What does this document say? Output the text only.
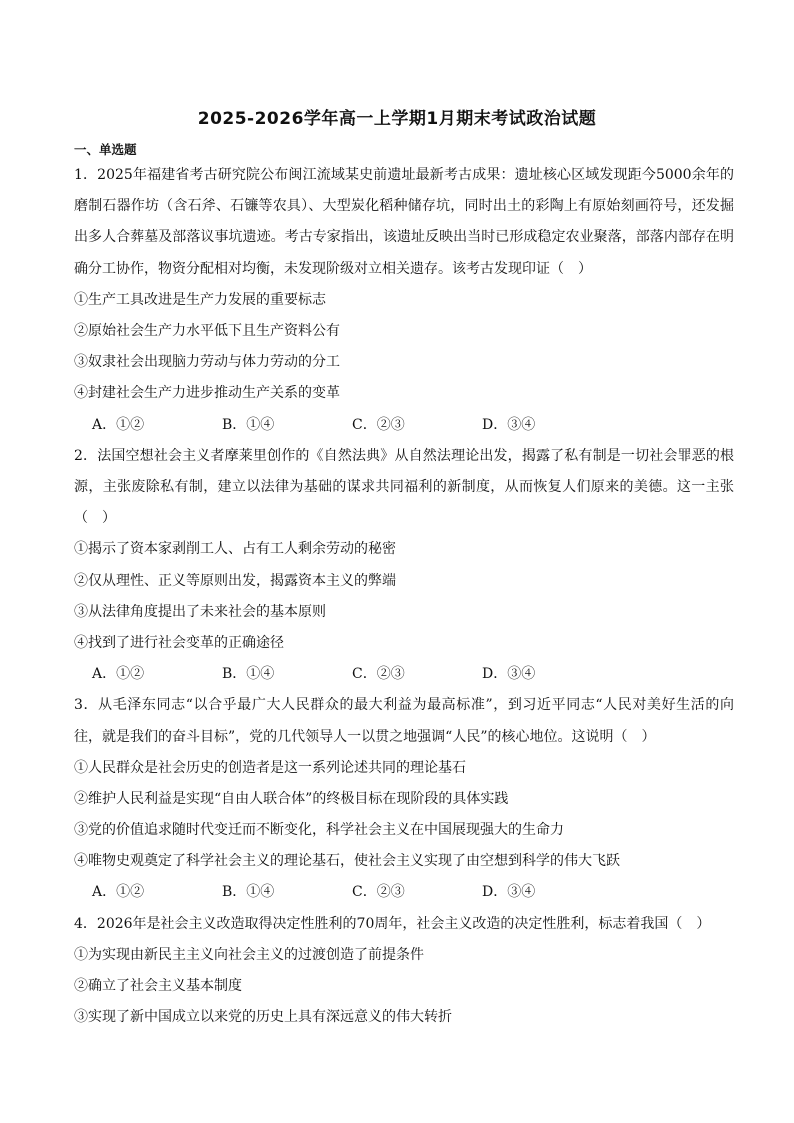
2025-2026学年高一上学期1月期末考试政治试题
一、单选题
1．2025年福建省考古研究院公布闽江流域某史前遗址最新考古成果：遗址核心区域发现距今5000余年的磨制石器作坊（含石斧、石镰等农具）、大型炭化稻种储存坑，同时出土的彩陶上有原始刻画符号，还发掘出多人合葬墓及部落议事坑遗迹。考古专家指出，该遗址反映出当时已形成稳定农业聚落，部落内部存在明确分工协作，物资分配相对均衡，未发现阶级对立相关遗存。该考古发现印证（　）
①生产工具改进是生产力发展的重要标志
②原始社会生产力水平低下且生产资料公有
③奴隶社会出现脑力劳动与体力劳动的分工
④封建社会生产力进步推动生产关系的变革
A．①②	B．①④	C．②③	D．③④
2．法国空想社会主义者摩莱里创作的《自然法典》从自然法理论出发，揭露了私有制是一切社会罪恶的根源，主张废除私有制，建立以法律为基础的谋求共同福利的新制度，从而恢复人们原来的美德。这一主张（　）
①揭示了资本家剥削工人、占有工人剩余劳动的秘密
②仅从理性、正义等原则出发，揭露资本主义的弊端
③从法律角度提出了未来社会的基本原则
④找到了进行社会变革的正确途径
A．①②	B．①④	C．②③	D．③④
3．从毛泽东同志“以合乎最广大人民群众的最大利益为最高标准”，到习近平同志“人民对美好生活的向往，就是我们的奋斗目标”，党的几代领导人一以贯之地强调“人民”的核心地位。这说明（　）
①人民群众是社会历史的创造者是这一系列论述共同的理论基石
②维护人民利益是实现“自由人联合体”的终极目标在现阶段的具体实践
③党的价值追求随时代变迁而不断变化，科学社会主义在中国展现强大的生命力
④唯物史观奠定了科学社会主义的理论基石，使社会主义实现了由空想到科学的伟大飞跃
A．①②	B．①④	C．②③	D．③④
4．2026年是社会主义改造取得决定性胜利的70周年，社会主义改造的决定性胜利，标志着我国（　）
①为实现由新民主主义向社会主义的过渡创造了前提条件
②确立了社会主义基本制度
③实现了新中国成立以来党的历史上具有深远意义的伟大转折
